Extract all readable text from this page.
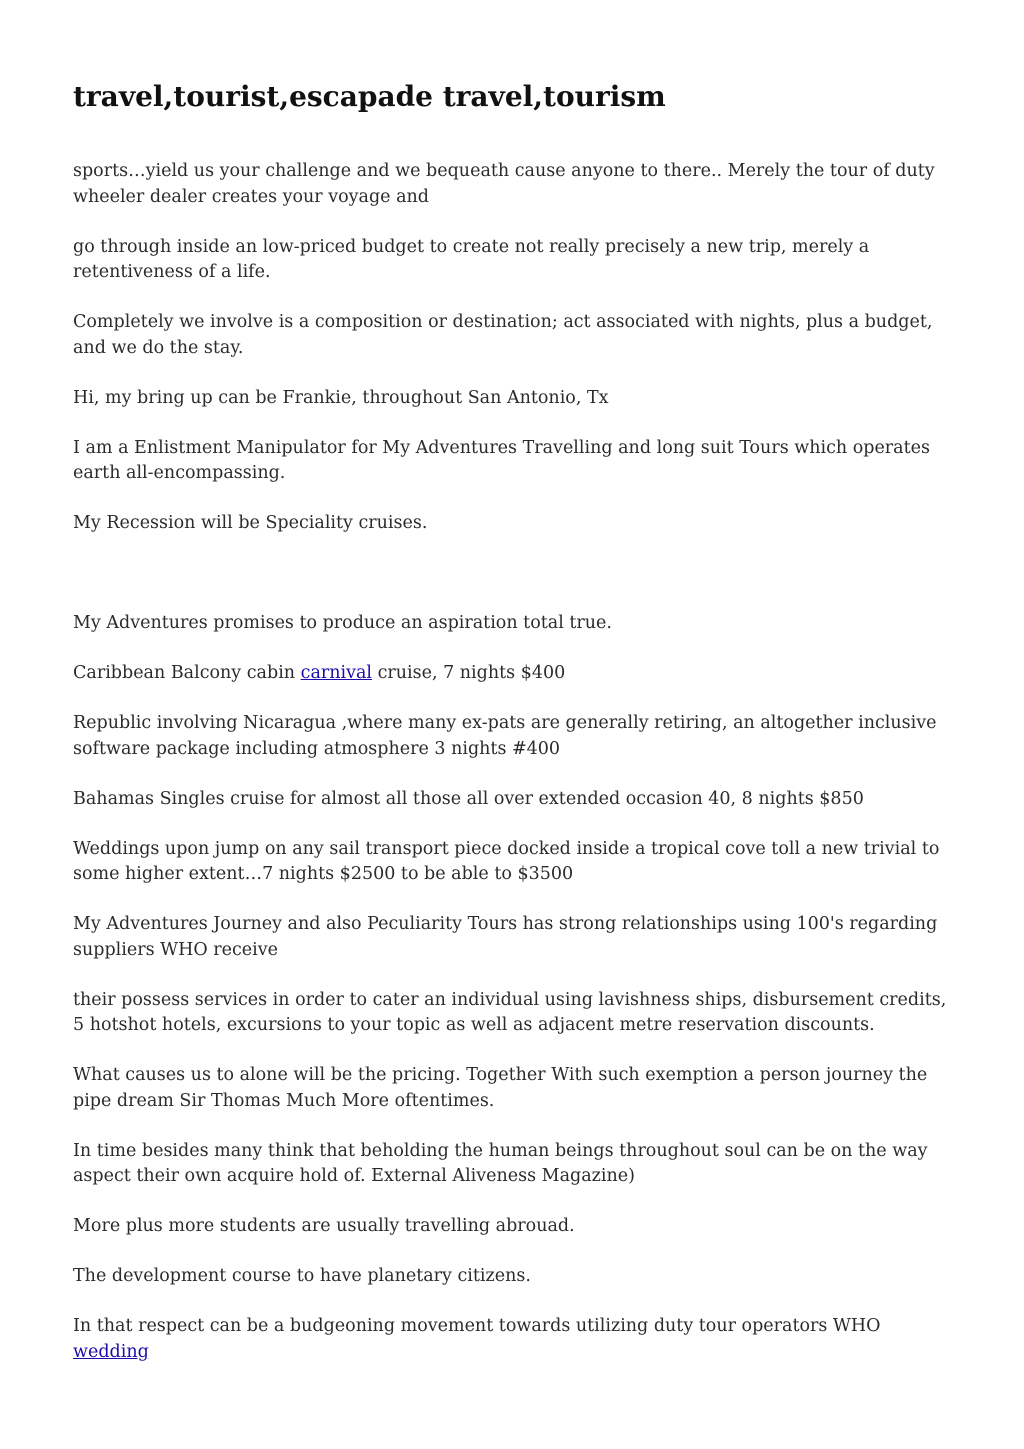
travel,tourist,escapade travel,tourism

sports…yield us your challenge and we bequeath cause anyone to there.. Merely the tour of duty wheeler dealer creates your voyage and

go through inside an low-priced budget to create not really precisely a new trip, merely a retentiveness of a life.

Completely we involve is a composition or destination; act associated with nights, plus a budget, and we do the stay.

Hi, my bring up can be Frankie, throughout San Antonio, Tx

I am a Enlistment Manipulator for My Adventures Travelling and long suit Tours which operates earth all-encompassing.

My Recession will be Speciality cruises.

My Adventures promises to produce an aspiration total true.

Caribbean Balcony cabin carnival cruise, 7 nights $400

Republic involving Nicaragua ,where many ex-pats are generally retiring, an altogether inclusive software package including atmosphere 3 nights #400

Bahamas Singles cruise for almost all those all over extended occasion 40, 8 nights $850

Weddings upon jump on any sail transport piece docked inside a tropical cove toll a new trivial to some higher extent…7 nights $2500 to be able to $3500

My Adventures Journey and also Peculiarity Tours has strong relationships using 100's regarding suppliers WHO receive

their possess services in order to cater an individual using lavishness ships, disbursement credits, 5 hotshot hotels, excursions to your topic as well as adjacent metre reservation discounts.

What causes us to alone will be the pricing. Together With such exemption a person journey the pipe dream Sir Thomas Much More oftentimes.

In time besides many think that beholding the human beings throughout soul can be on the way aspect their own acquire hold of. External Aliveness Magazine)

More plus more students are usually travelling abrouad.

The development course to have planetary citizens.

In that respect can be a budgeoning movement towards utilizing duty tour operators WHO wedding
